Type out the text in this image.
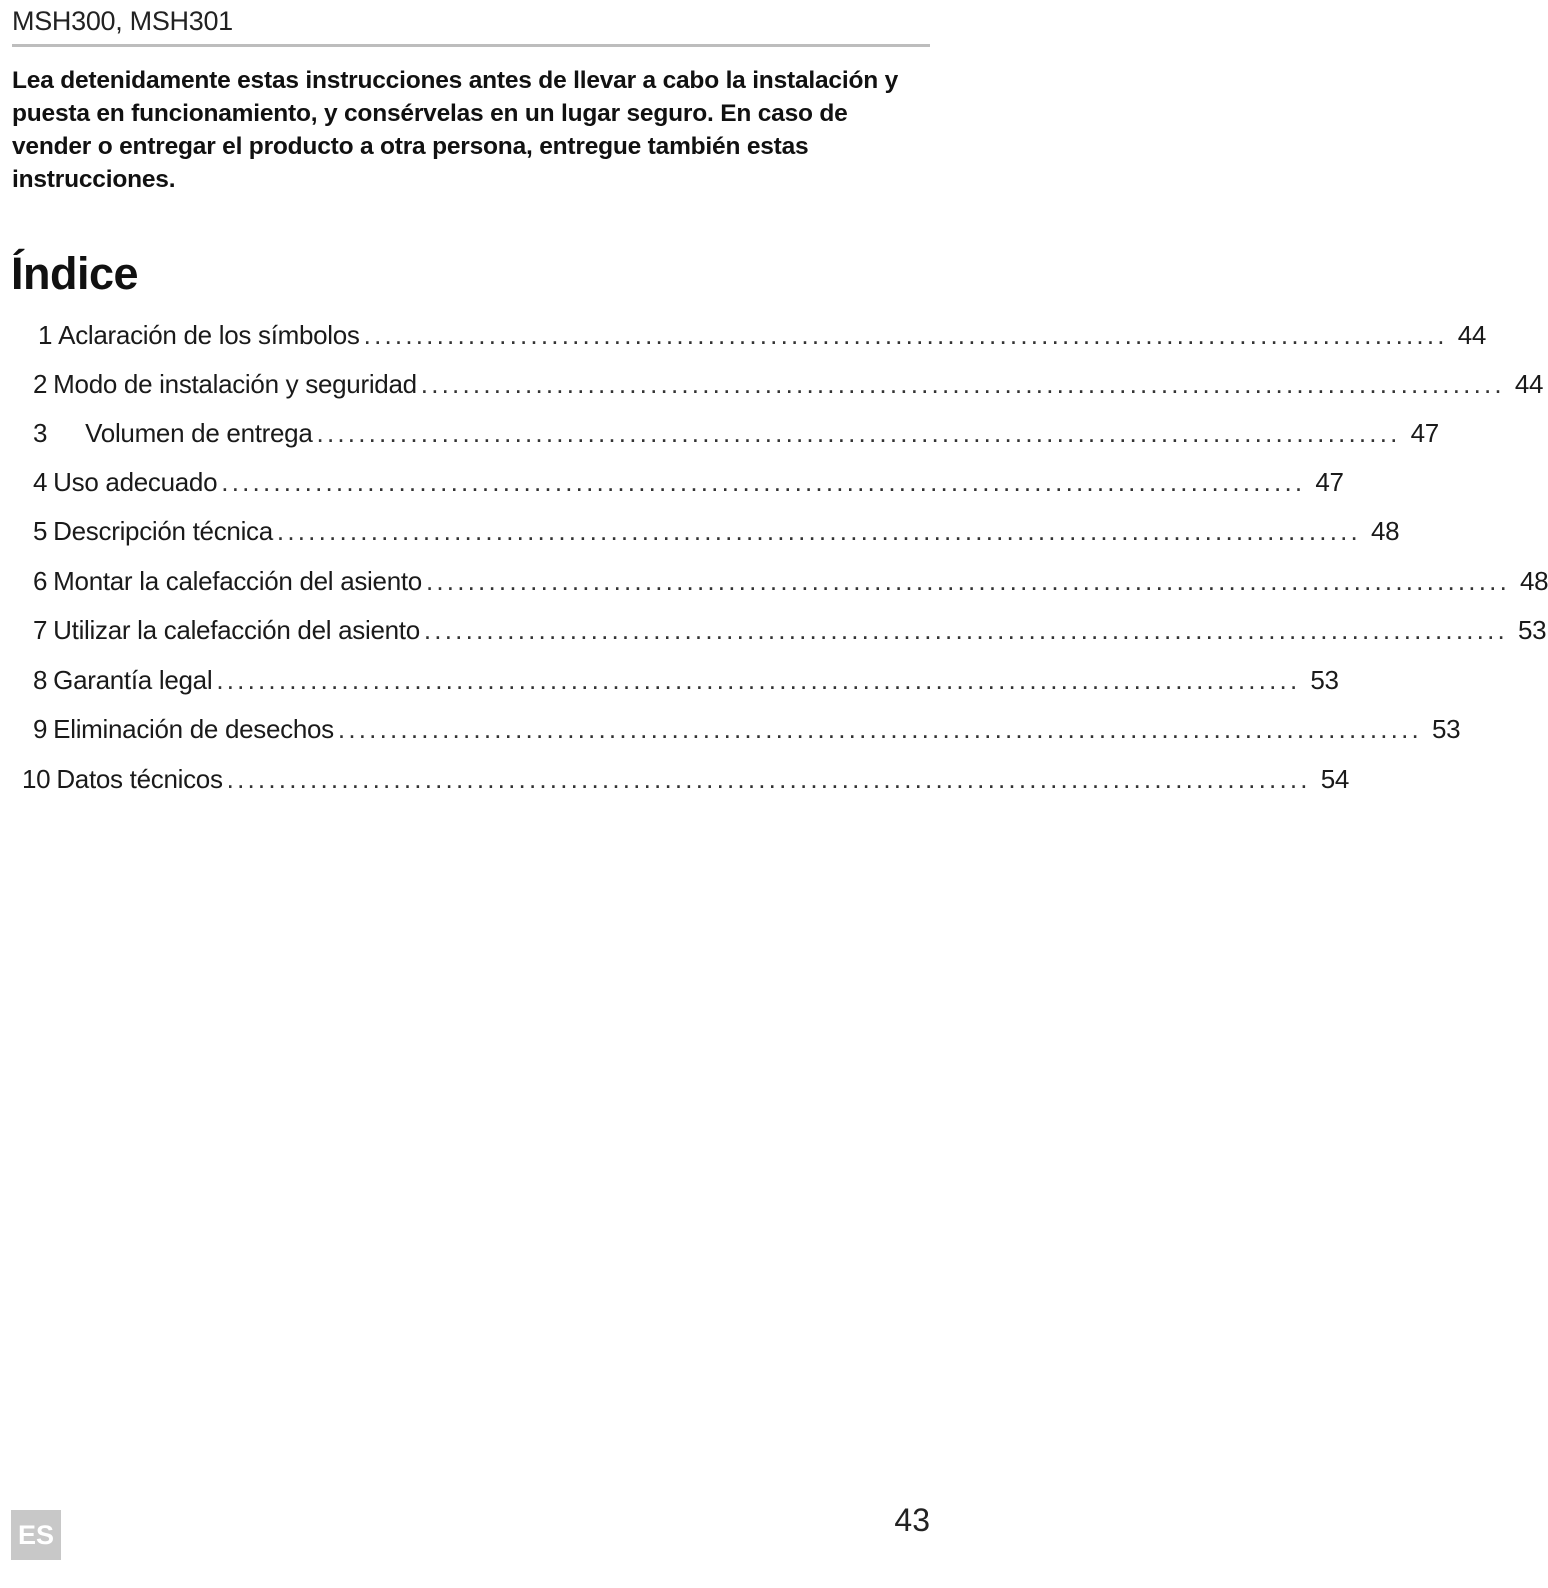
MSH300, MSH301

Lea detenidamente estas instrucciones antes de llevar a cabo la instalación y puesta en funcionamiento, y consérvelas en un lugar seguro. En caso de vender o entregar el producto a otra persona, entregue también estas instrucciones.

Índice
1 Aclaración de los símbolos ........................................................................................................ 44
2 Modo de instalación y seguridad ........................................................................................................ 44
3 Volumen de entrega ........................................................................................................ 47
4 Uso adecuado ........................................................................................................ 47
5 Descripción técnica ........................................................................................................ 48
6 Montar la calefacción del asiento ........................................................................................................ 48
7 Utilizar la calefacción del asiento ........................................................................................................ 53
8 Garantía legal ........................................................................................................ 53
9 Eliminación de desechos ........................................................................................................ 53
10 Datos técnicos ........................................................................................................ 54
ES	43
